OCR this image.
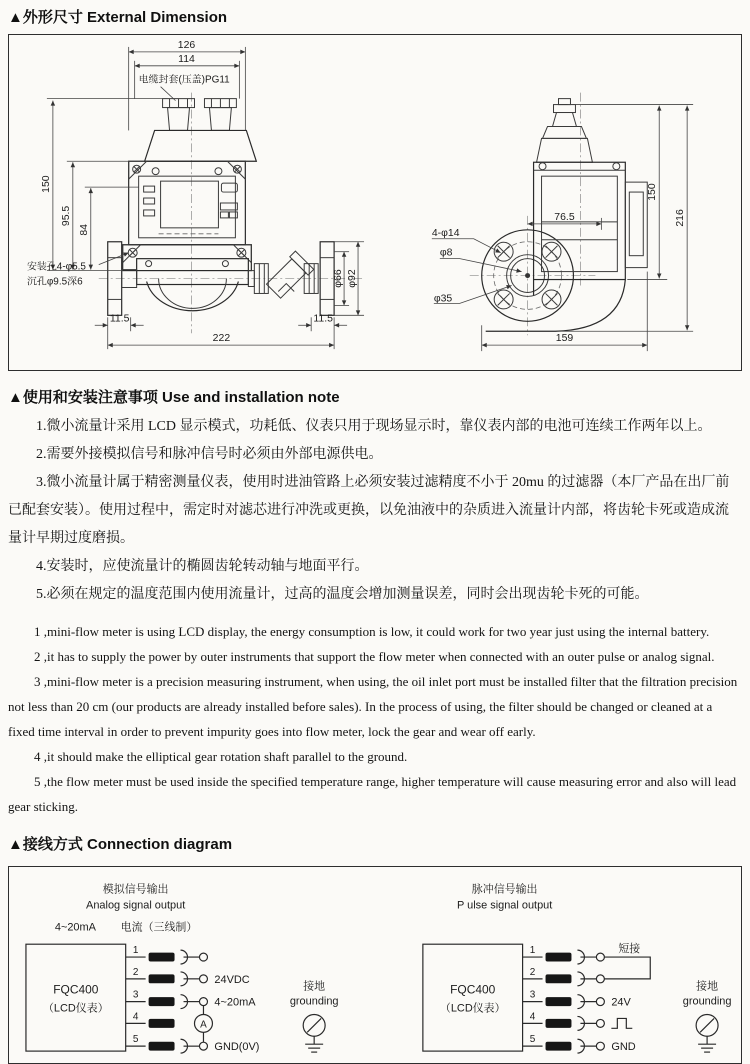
▲外形尺寸 External Dimension
126
114
电缆封套(压盖)PG11
11.5	11.5
222
φ66 φ92
150
95.5
84
安装孔4-φ5.5
沉孔φ9.5深6
4-φ14
φ8
φ35
76.5
150
216
159
▲使用和安装注意事项 Use and installation note

1.微小流量计采用 LCD 显示模式，功耗低、仪表只用于现场显示时，靠仪表内部的电池可连续工作两年以上。

2.需要外接模拟信号和脉冲信号时必须由外部电源供电。

3.微小流量计属于精密测量仪表，使用时进油管路上必须安装过滤精度不小于 20mu 的过滤器（本厂产品在出厂前已配套安装）。使用过程中，需定时对滤芯进行冲洗或更换，以免油液中的杂质进入流量计内部，将齿轮卡死或造成流量计早期过度磨损。

4.安装时，应使流量计的椭圆齿轮转动轴与地面平行。

5.必须在规定的温度范围内使用流量计，过高的温度会增加测量误差，同时会出现齿轮卡死的可能。

1 ,mini-flow meter is using LCD display, the energy consumption is low, it could work for two year just using the internal battery.

2 ,it has to supply the power by outer instruments that support the flow meter when connected with an outer pulse or analog signal.

3 ,mini-flow meter is a precision measuring instrument, when using, the oil inlet port must be installed filter that the filtration precision not less than 20 cm (our products are already installed before sales). In the process of using, the filter should be changed or cleaned at a fixed time interval in order to prevent impurity goes into flow meter, lock the gear and wear off early.

4 ,it should make the elliptical gear rotation shaft parallel to the ground.

5 ,the flow meter must be used inside the specified temperature range, higher temperature will cause measuring error and also will lead gear sticking.

▲接线方式 Connection diagram
模拟信号输出
Analog signal output
4~20mA 电流（三线制）
FQC400
（LCD仪表）
1
2
24VDC
3
4~20mA
4
5
GND(0V)
A
接地
grounding
脉冲信号输出
P ulse signal output
FQC400
（LCD仪表）
1
2
短接
3
24V
4
5
GND
接地
grounding
